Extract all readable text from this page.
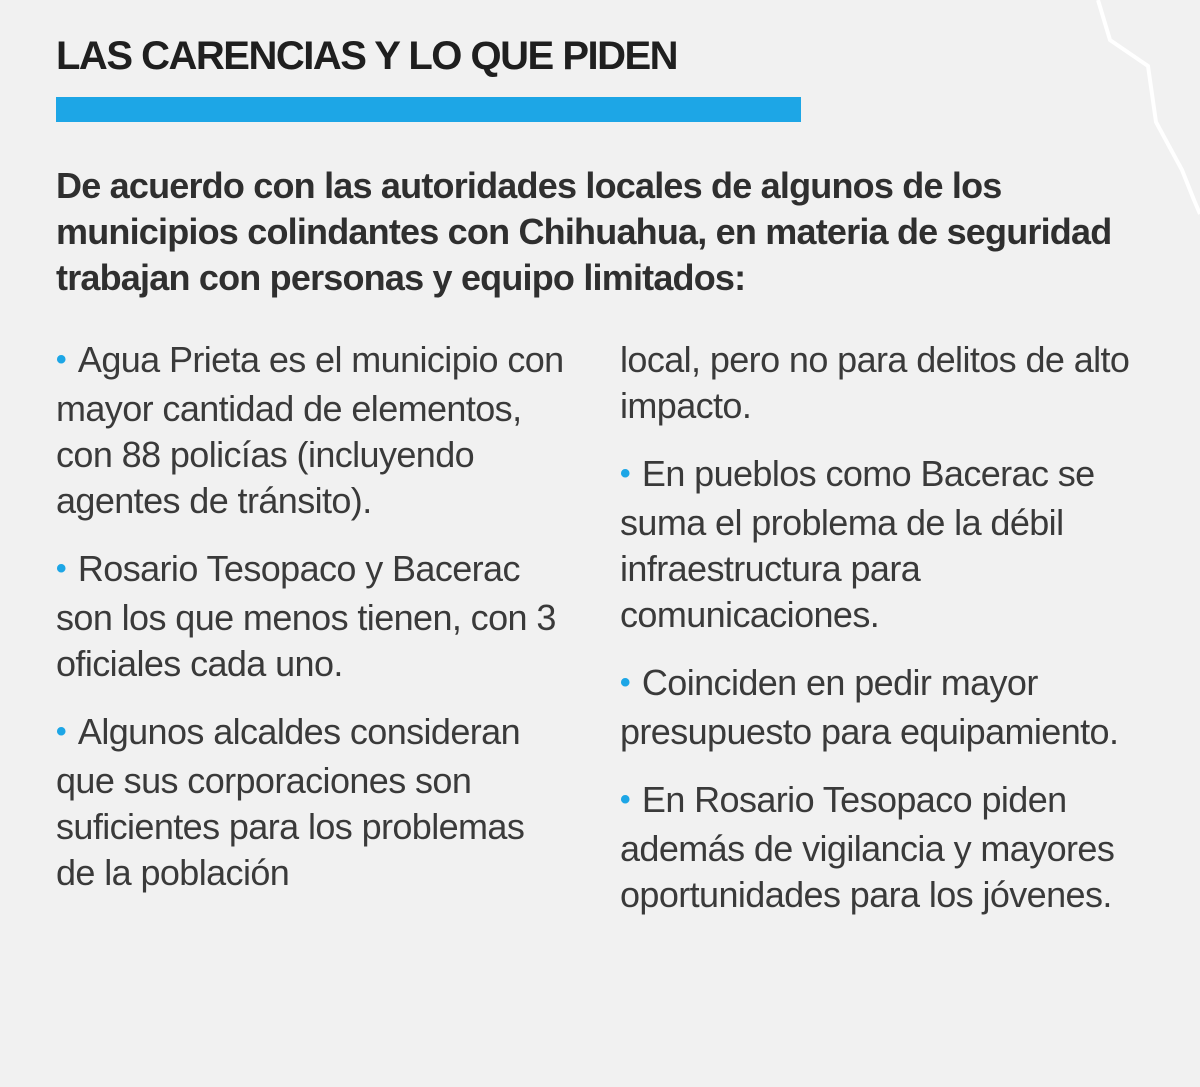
LAS CARENCIAS Y LO QUE PIDEN

De acuerdo con las autoridades locales de algunos de los municipios colindantes con Chihuahua, en materia de seguridad trabajan con personas y equipo limitados:

• Agua Prieta es el municipio con mayor cantidad de elementos, con 88 policías (incluyendo agentes de tránsito).

• Rosario Tesopaco y Bacerac son los que menos tienen, con 3 oficiales cada uno.

• Algunos alcaldes consideran que sus corporaciones son suficientes para los problemas de la población

local, pero no para delitos de alto impacto.

• En pueblos como Bacerac se suma el problema de la débil infraestructura para comunicaciones.

• Coinciden en pedir mayor presupuesto para equipamiento.

• En Rosario Tesopaco piden además de vigilancia y mayores oportunidades para los jóvenes.
